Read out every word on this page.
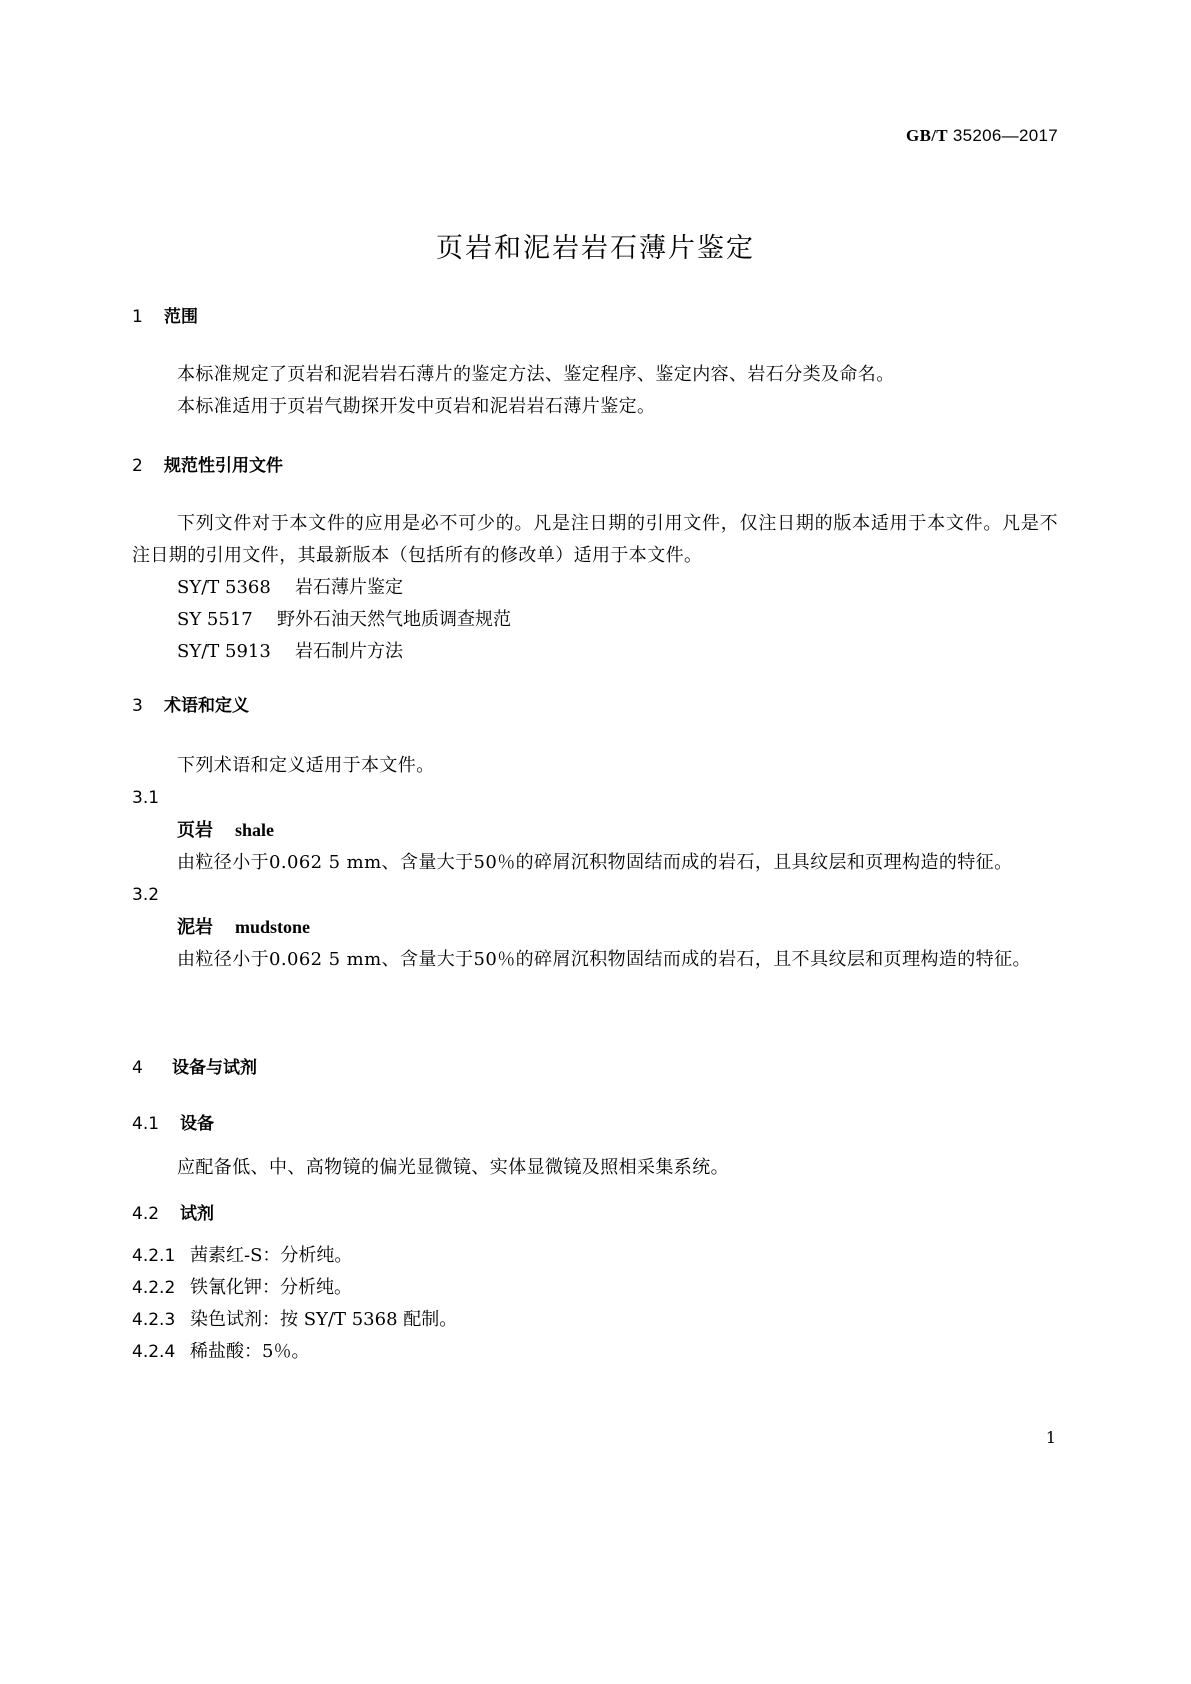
GB/T 35206—2017
页岩和泥岩岩石薄片鉴定
1 范围

本标准规定了页岩和泥岩岩石薄片的鉴定方法、鉴定程序、鉴定内容、岩石分类及命名。

本标准适用于页岩气勘探开发中页岩和泥岩岩石薄片鉴定。

2 规范性引用文件

下列文件对于本文件的应用是必不可少的。凡是注日期的引用文件，仅注日期的版本适用于本文件。凡是不注日期的引用文件，其最新版本（包括所有的修改单）适用于本文件。

SY/T 5368 岩石薄片鉴定
SY 5517 野外石油天然气地质调查规范
SY/T 5913 岩石制片方法
3 术语和定义

下列术语和定义适用于本文件。

3.1
页岩 shale

由粒径小于0.062 5 mm、含量大于50％的碎屑沉积物固结而成的岩石，且具纹层和页理构造的特征。

3.2
泥岩 mudstone

由粒径小于0.062 5 mm、含量大于50％的碎屑沉积物固结而成的岩石，且不具纹层和页理构造的特征。

4 设备与试剂
4.1 设备

应配备低、中、高物镜的偏光显微镜、实体显微镜及照相采集系统。

4.2 试剂
4.2.1 茜素红-S：分析纯。
4.2.2 铁氰化钾：分析纯。
4.2.3 染色试剂：按 SY/T 5368 配制。
4.2.4 稀盐酸：5％。
1
